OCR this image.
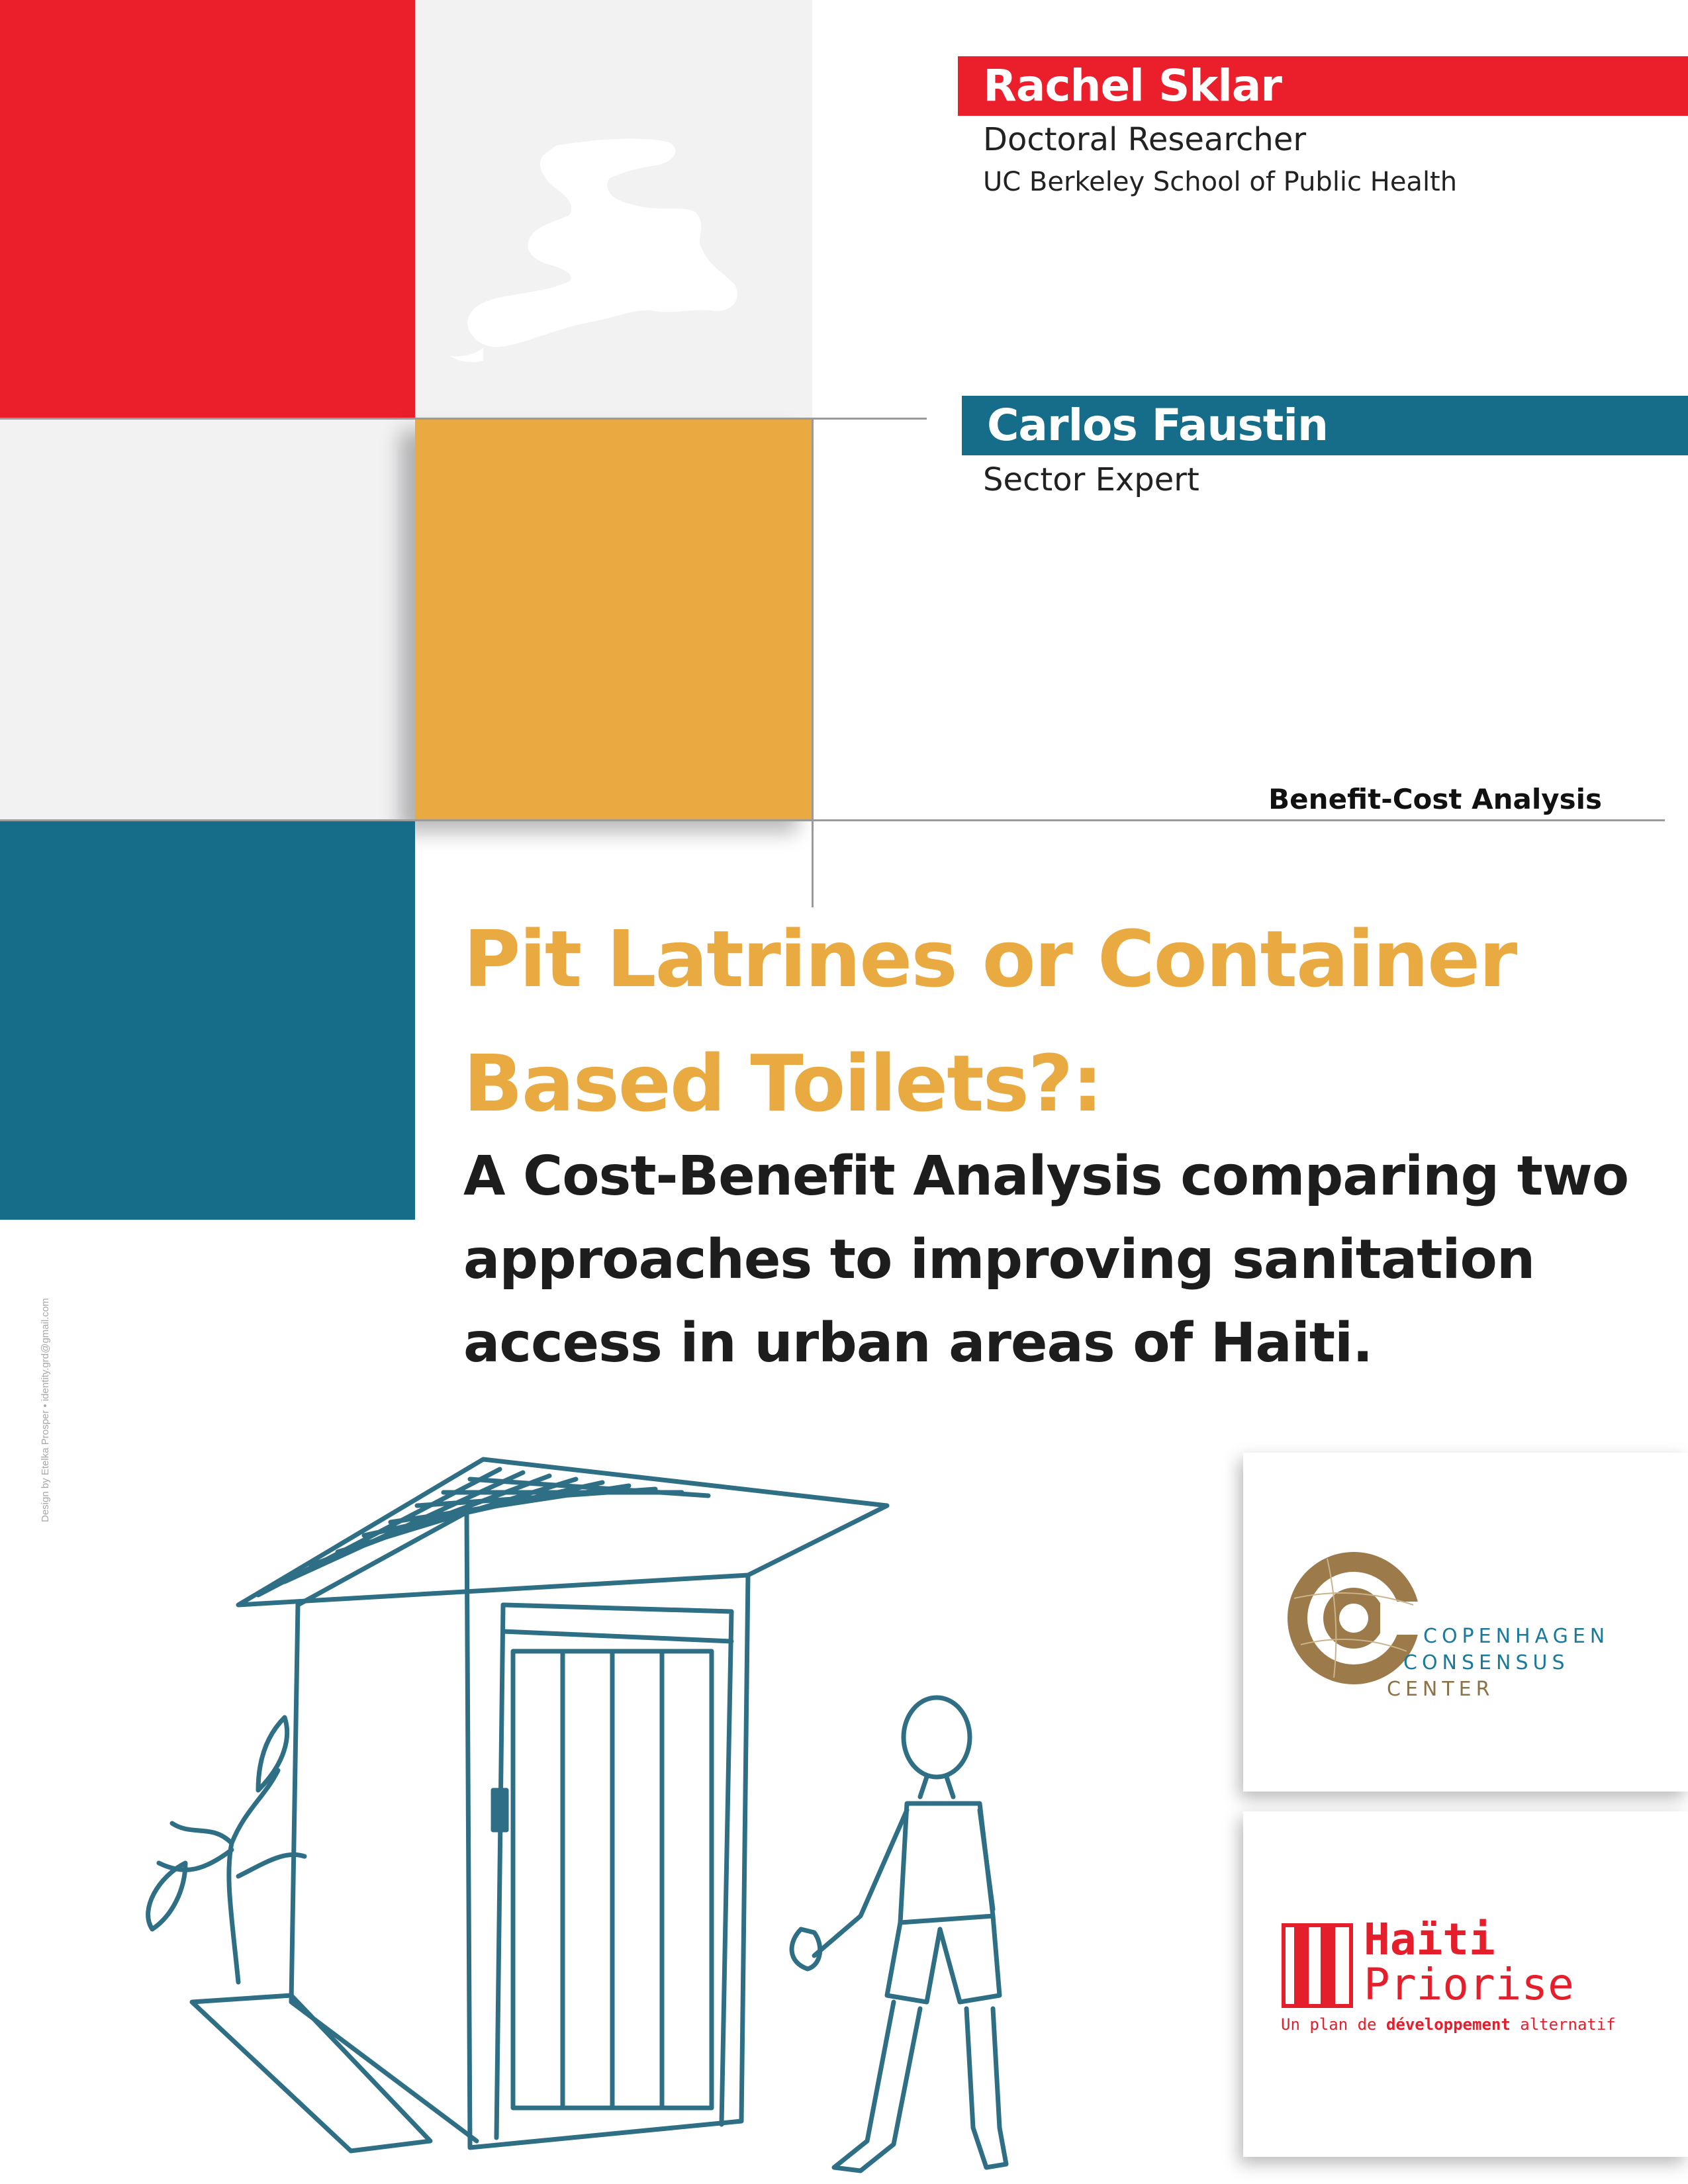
Rachel Sklar
Doctoral Researcher
UC Berkeley School of Public Health
Carlos Faustin
Sector Expert
Benefit-Cost Analysis
Pit Latrines or Container Based Toilets?:
A Cost-Benefit Analysis comparing two approaches to improving sanitation access in urban areas of Haiti.
Design by Etelka Prosper • identity.grd@gmail.com
COPENHAGEN
CONSENSUS
CENTER
Haïti
Priorise
Un plan de développement alternatif
